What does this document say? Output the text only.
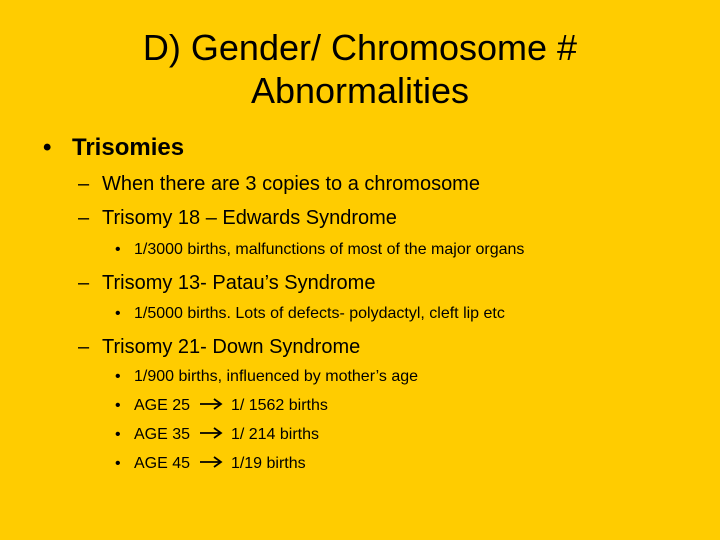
D) Gender/ Chromosome #
Abnormalities
• Trisomies
– When there are 3 copies to a chromosome
– Trisomy 18 – Edwards Syndrome
• 1/3000 births, malfunctions of most of the major organs
– Trisomy 13- Patau’s Syndrome
• 1/5000 births. Lots of defects- polydactyl, cleft lip etc
– Trisomy 21- Down Syndrome
• 1/900 births, influenced by mother’s age
• AGE 25	1/ 1562 births
• AGE 35	1/ 214 births
• AGE 45	1/19 births
